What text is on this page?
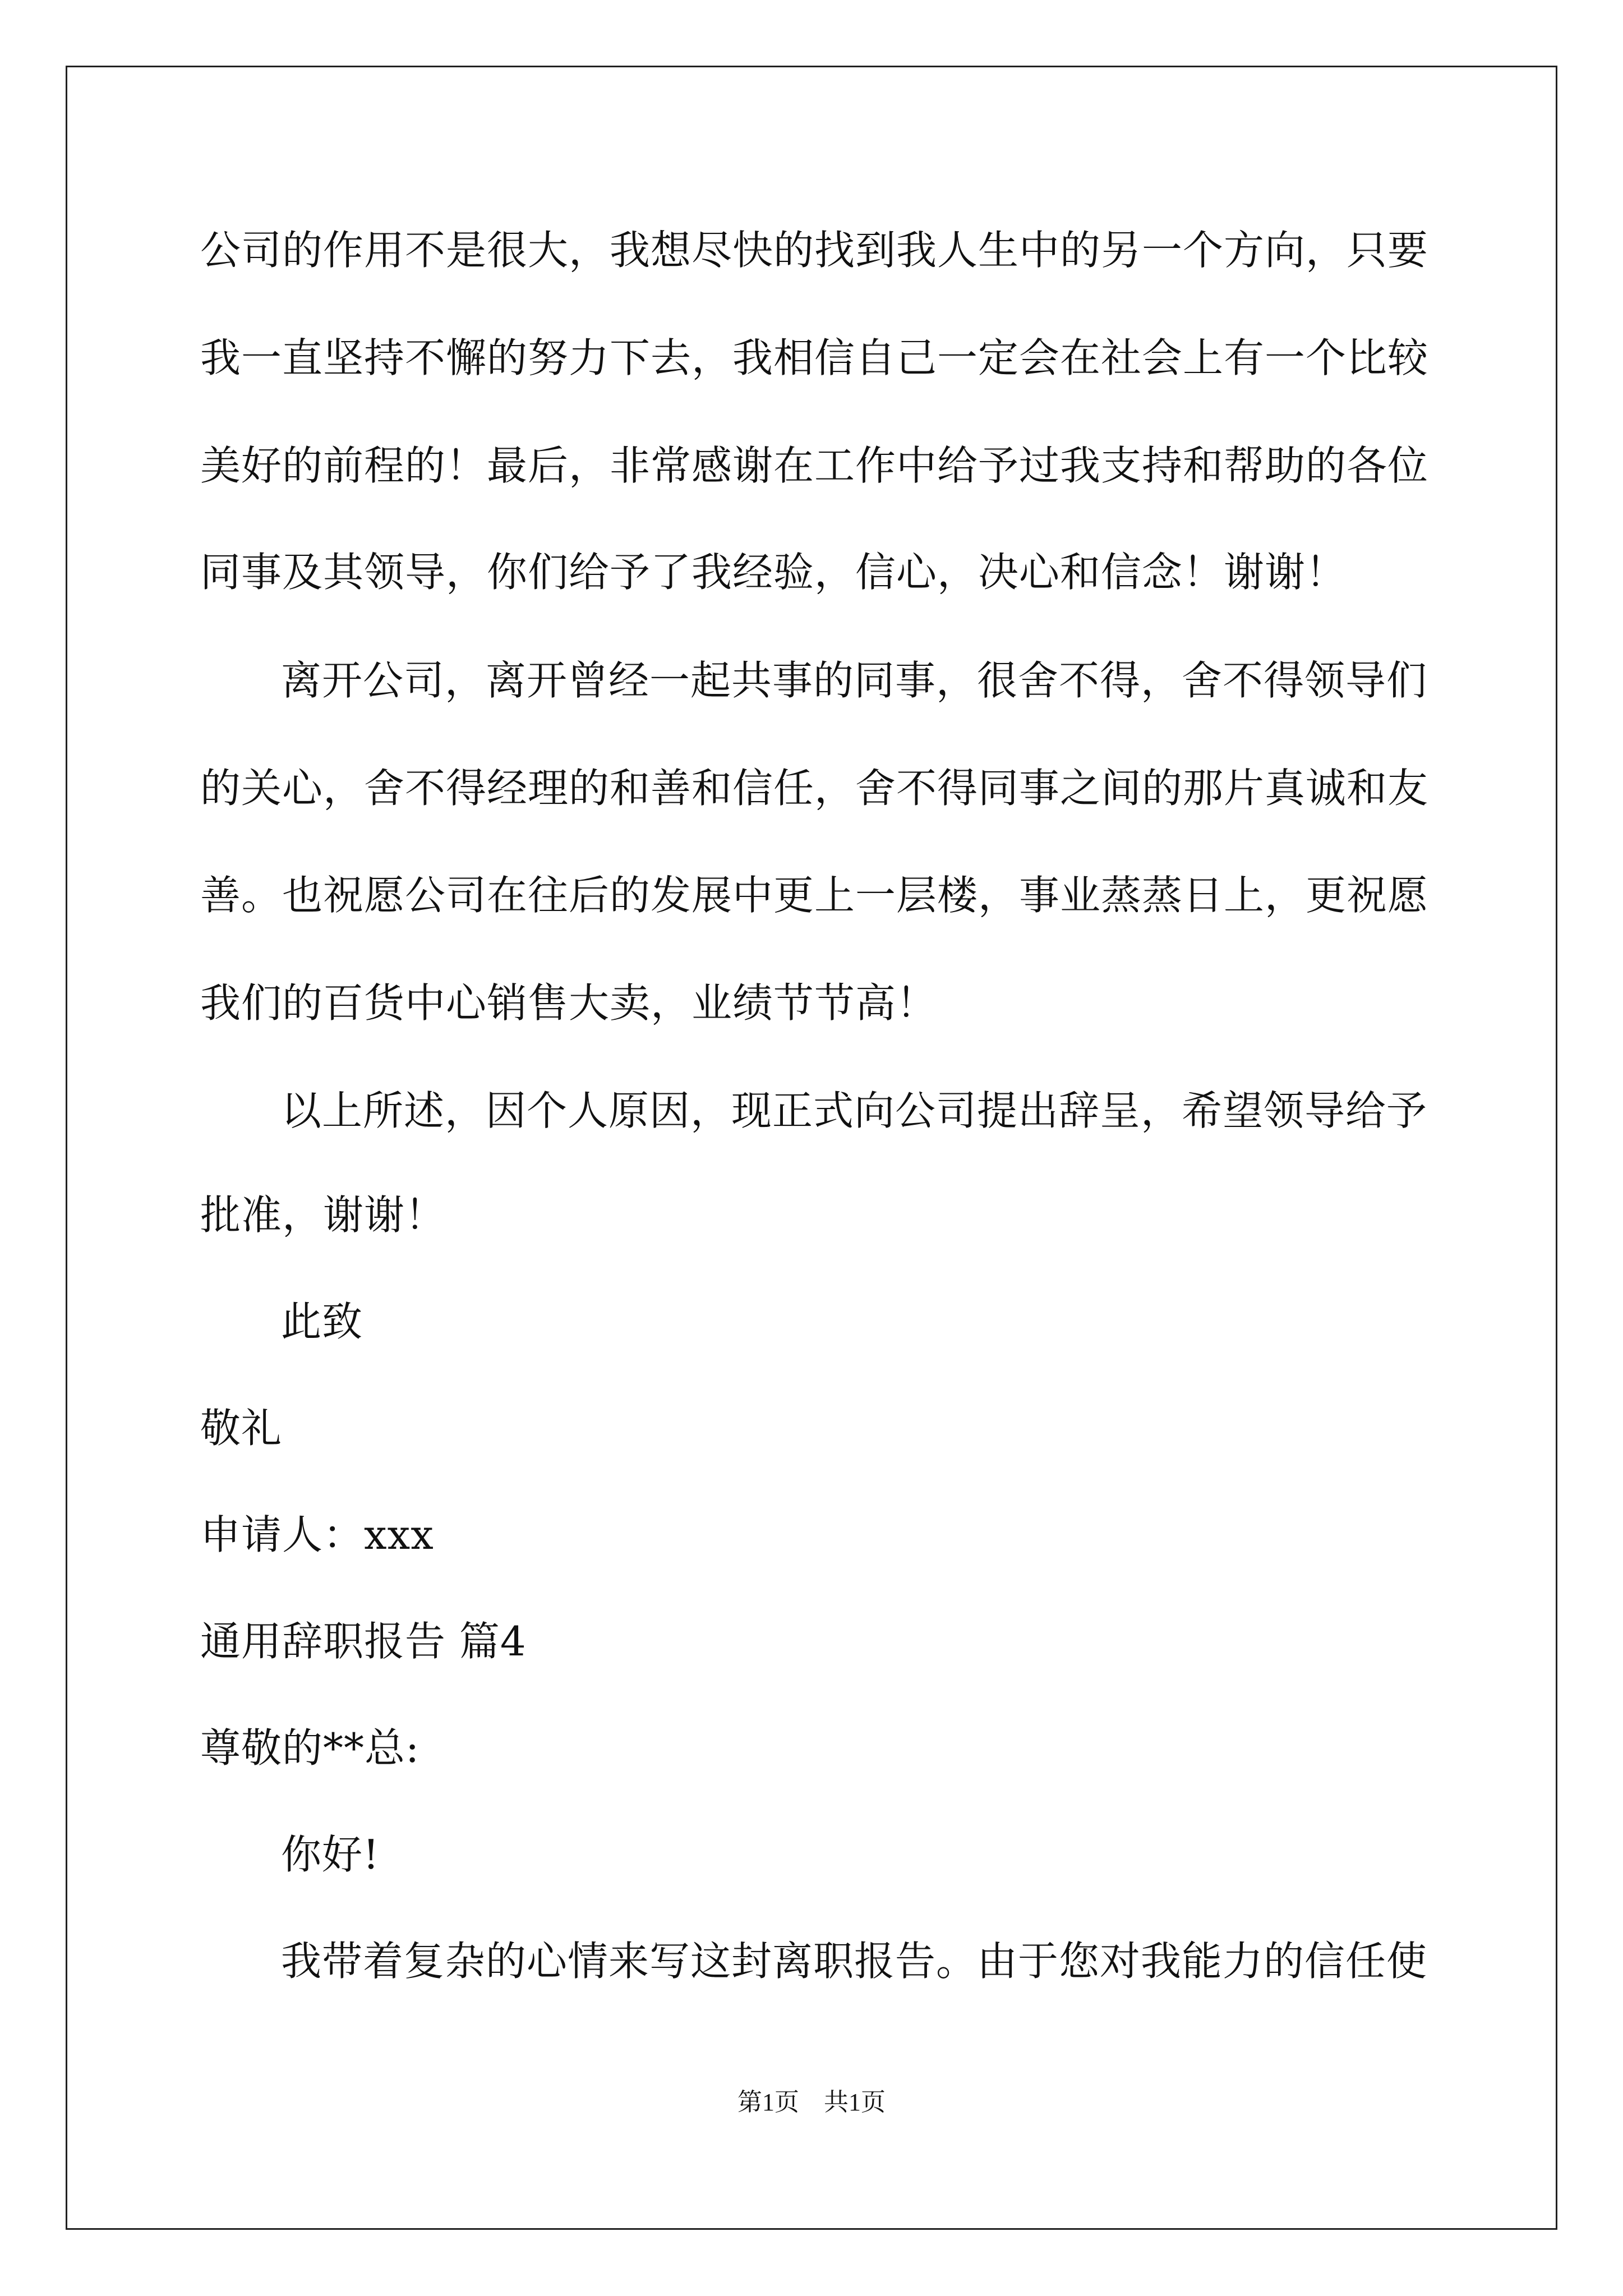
公司的作用不是很大，我想尽快的找到我人生中的另一个方向，只要
我一直坚持不懈的努力下去，我相信自己一定会在社会上有一个比较
美好的前程的！最后，非常感谢在工作中给予过我支持和帮助的各位
同事及其领导，你们给予了我经验，信心，决心和信念！谢谢！
离开公司，离开曾经一起共事的同事，很舍不得，舍不得领导们
的关心，舍不得经理的和善和信任，舍不得同事之间的那片真诚和友
善。也祝愿公司在往后的发展中更上一层楼，事业蒸蒸日上，更祝愿
我们的百货中心销售大卖，业绩节节高！
以上所述，因个人原因，现正式向公司提出辞呈，希望领导给予
批准，谢谢！
此致
敬礼
申请人：xxx
通用辞职报告 篇4
尊敬的**总:
你好!
我带着复杂的心情来写这封离职报告。由于您对我能力的信任使
第1页　共1页
